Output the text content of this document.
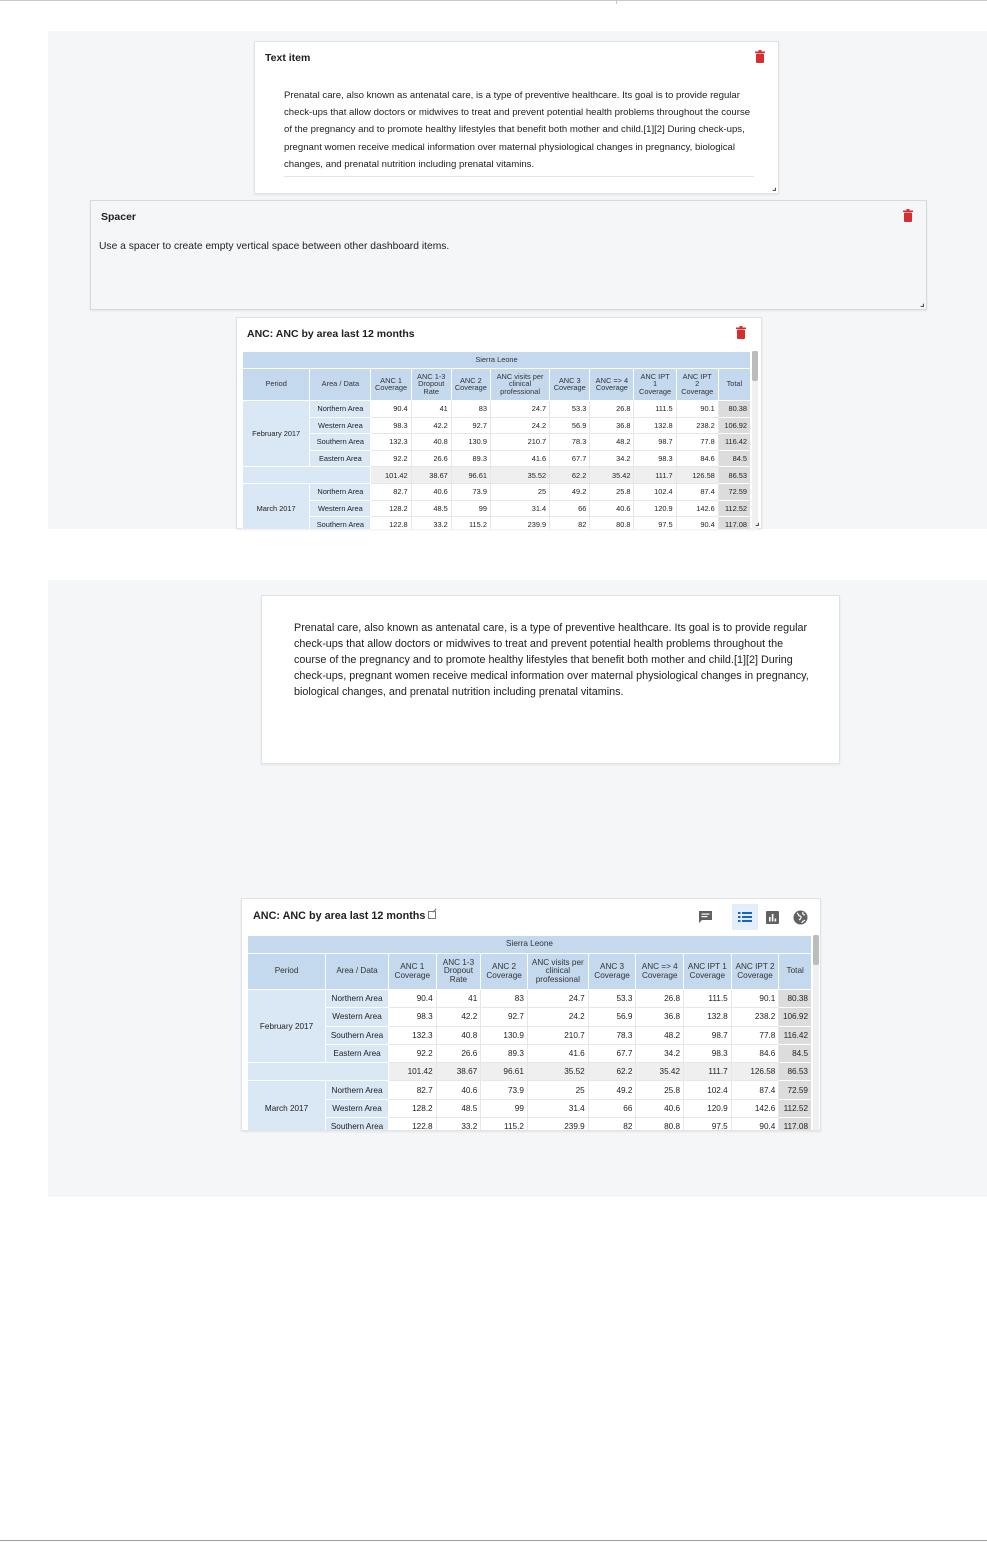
Text item
Prenatal care, also known as antenatal care, is a type of preventive healthcare. Its goal is to provide regular check-ups that allow doctors or midwives to treat and prevent potential health problems throughout the course of the pregnancy and to promote healthy lifestyles that benefit both mother and child.[1][2] During check-ups, pregnant women receive medical information over maternal physiological changes in pregnancy, biological changes, and prenatal nutrition including prenatal vitamins.
Spacer
Use a spacer to create empty vertical space between other dashboard items.
ANC: ANC by area last 12 months
Sierra Leone										
Period	Area / Data	ANC 1 Coverage	ANC 1-3 Dropout Rate	ANC 2 Coverage	ANC visits per clinical professional	ANC 3 Coverage	ANC => 4 Coverage	ANC IPT 1 Coverage	ANC IPT 2 Coverage	Total
February 2017	Northern Area	90.4	41	83	24.7	53.3	26.8	111.5	90.1	80.38
	Western Area	98.3	42.2	92.7	24.2	56.9	36.8	132.8	238.2	106.92
	Southern Area	132.3	40.8	130.9	210.7	78.3	48.2	98.7	77.8	116.42
	Eastern Area	92.2	26.6	89.3	41.6	67.7	34.2	98.3	84.6	84.5
		101.42	38.67	96.61	35.52	62.2	35.42	111.7	126.58	86.53
March 2017	Northern Area	82.7	40.6	73.9	25	49.2	25.8	102.4	87.4	72.59
	Western Area	128.2	48.5	99	31.4	66	40.6	120.9	142.6	112.52
	Southern Area	122.8	33.2	115.2	239.9	82	80.8	97.5	90.4	117.08
Prenatal care, also known as antenatal care, is a type of preventive healthcare. Its goal is to provide regular check-ups that allow doctors or midwives to treat and prevent potential health problems throughout the course of the pregnancy and to promote healthy lifestyles that benefit both mother and child.[1][2] During check-ups, pregnant women receive medical information over maternal physiological changes in pregnancy, biological changes, and prenatal nutrition including prenatal vitamins.
ANC: ANC by area last 12 months
Sierra Leone										
Period	Area / Data	ANC 1 Coverage	ANC 1-3 Dropout Rate	ANC 2 Coverage	ANC visits per clinical professional	ANC 3 Coverage	ANC => 4 Coverage	ANC IPT 1 Coverage	ANC IPT 2 Coverage	Total
February 2017	Northern Area	90.4	41	83	24.7	53.3	26.8	111.5	90.1	80.38
	Western Area	98.3	42.2	92.7	24.2	56.9	36.8	132.8	238.2	106.92
	Southern Area	132.3	40.8	130.9	210.7	78.3	48.2	98.7	77.8	116.42
	Eastern Area	92.2	26.6	89.3	41.6	67.7	34.2	98.3	84.6	84.5
		101.42	38.67	96.61	35.52	62.2	35.42	111.7	126.58	86.53
March 2017	Northern Area	82.7	40.6	73.9	25	49.2	25.8	102.4	87.4	72.59
	Western Area	128.2	48.5	99	31.4	66	40.6	120.9	142.6	112.52
	Southern Area	122.8	33.2	115.2	239.9	82	80.8	97.5	90.4	117.08
